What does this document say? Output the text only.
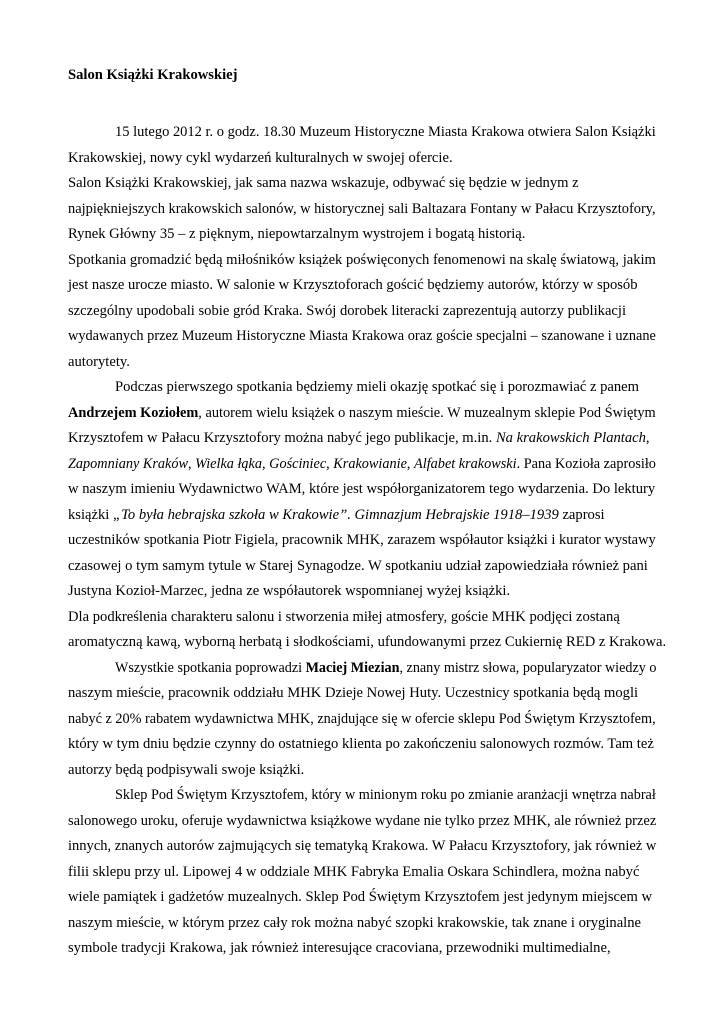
Salon Książki Krakowskiej
15 lutego 2012 r. o godz. 18.30 Muzeum Historyczne Miasta Krakowa otwiera Salon Książki
Krakowskiej, nowy cykl wydarzeń kulturalnych w swojej ofercie.
Salon Książki Krakowskiej, jak sama nazwa wskazuje, odbywać się będzie w jednym z
najpiękniejszych krakowskich salonów, w historycznej sali Baltazara Fontany w Pałacu Krzysztofory,
Rynek Główny 35 – z pięknym, niepowtarzalnym wystrojem i bogatą historią.
Spotkania gromadzić będą miłośników książek poświęconych fenomenowi na skalę światową, jakim
jest nasze urocze miasto. W salonie w Krzysztoforach gościć będziemy autorów, którzy w sposób
szczególny upodobali sobie gród Kraka. Swój dorobek literacki zaprezentują autorzy publikacji
wydawanych przez Muzeum Historyczne Miasta Krakowa oraz goście specjalni – szanowane i uznane
autorytety.
Podczas pierwszego spotkania będziemy mieli okazję spotkać się i porozmawiać z panem
Andrzejem Koziołem, autorem wielu książek o naszym mieście. W muzealnym sklepie Pod Świętym
Krzysztofem w Pałacu Krzysztofory można nabyć jego publikacje, m.in. Na krakowskich Plantach,
Zapomniany Kraków, Wielka łąka, Gościniec, Krakowianie, Alfabet krakowski. Pana Kozioła zaprosiło
w naszym imieniu Wydawnictwo WAM, które jest współorganizatorem tego wydarzenia. Do lektury
książki „To była hebrajska szkoła w Krakowie”. Gimnazjum Hebrajskie 1918–1939 zaprosi
uczestników spotkania Piotr Figiela, pracownik MHK, zarazem współautor książki i kurator wystawy
czasowej o tym samym tytule w Starej Synagodze. W spotkaniu udział zapowiedziała również pani
Justyna Kozioł-Marzec, jedna ze współautorek wspomnianej wyżej książki.
Dla podkreślenia charakteru salonu i stworzenia miłej atmosfery, goście MHK podjęci zostaną
aromatyczną kawą, wyborną herbatą i słodkościami, ufundowanymi przez Cukiernię RED z Krakowa.
Wszystkie spotkania poprowadzi Maciej Miezian, znany mistrz słowa, popularyzator wiedzy o
naszym mieście, pracownik oddziału MHK Dzieje Nowej Huty. Uczestnicy spotkania będą mogli
nabyć z 20% rabatem wydawnictwa MHK, znajdujące się w ofercie sklepu Pod Świętym Krzysztofem,
który w tym dniu będzie czynny do ostatniego klienta po zakończeniu salonowych rozmów. Tam też
autorzy będą podpisywali swoje książki.
Sklep Pod Świętym Krzysztofem, który w minionym roku po zmianie aranżacji wnętrza nabrał
salonowego uroku, oferuje wydawnictwa książkowe wydane nie tylko przez MHK, ale również przez
innych, znanych autorów zajmujących się tematyką Krakowa. W Pałacu Krzysztofory, jak również w
filii sklepu przy ul. Lipowej 4 w oddziale MHK Fabryka Emalia Oskara Schindlera, można nabyć
wiele pamiątek i gadżetów muzealnych. Sklep Pod Świętym Krzysztofem jest jedynym miejscem w
naszym mieście, w którym przez cały rok można nabyć szopki krakowskie, tak znane i oryginalne
symbole tradycji Krakowa, jak również interesujące cracoviana, przewodniki multimedialne,
